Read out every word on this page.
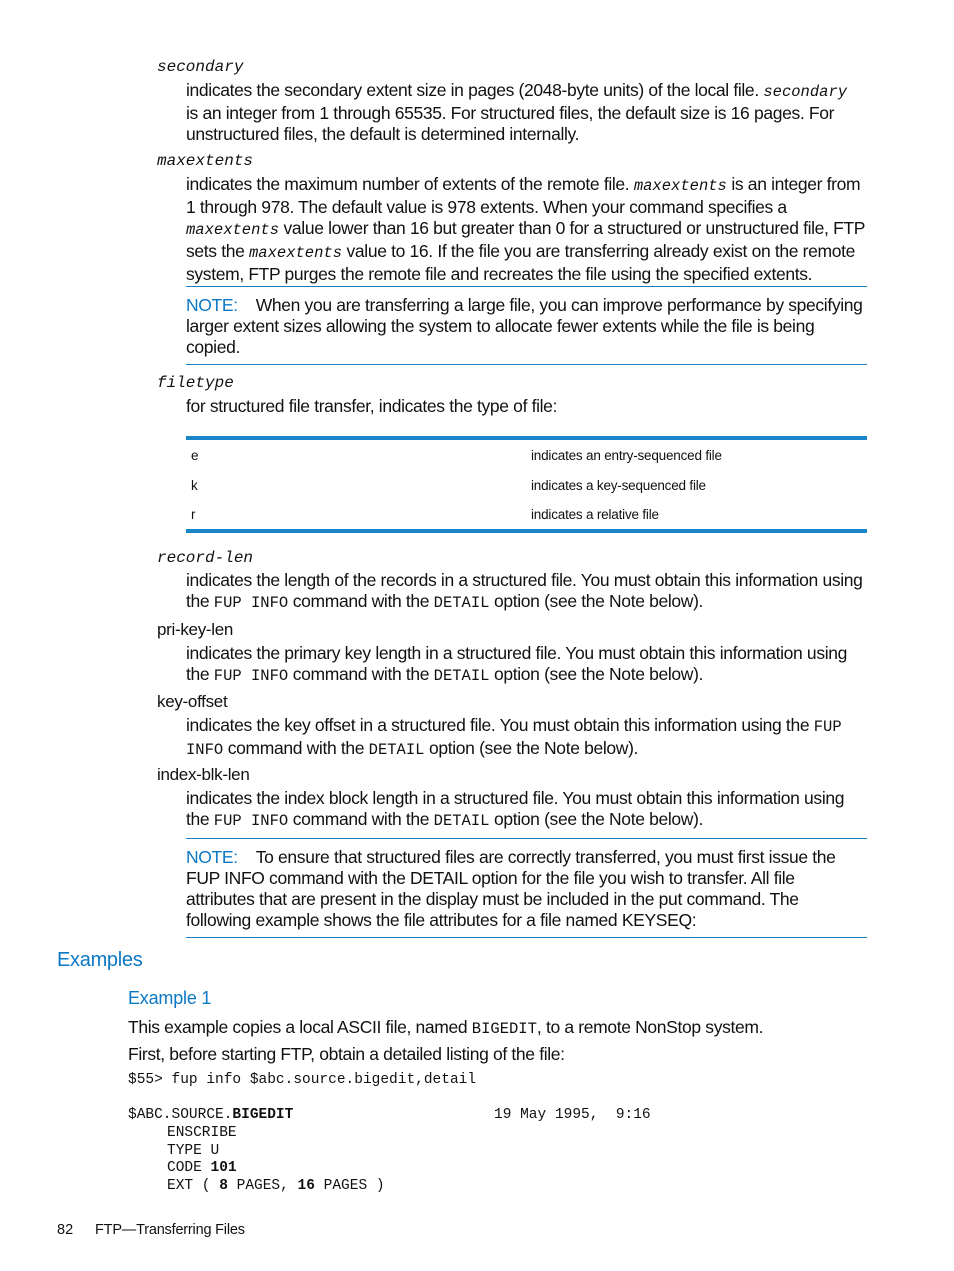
secondary
indicates the secondary extent size in pages (2048-byte units) of the local file. secondary
is an integer from 1 through 65535. For structured files, the default size is 16 pages. For unstructured files, the default is determined internally.
maxextents
indicates the maximum number of extents of the remote file. maxextents is an integer from 1 through 978. The default value is 978 extents. When your command specifies a maxextents value lower than 16 but greater than 0 for a structured or unstructured file, FTP sets the maxextents value to 16. If the file you are transferring already exist on the remote system, FTP purges the remote file and recreates the file using the specified extents.
NOTE: When you are transferring a large file, you can improve performance by specifying larger extent sizes allowing the system to allocate fewer extents while the file is being copied.
filetype
for structured file transfer, indicates the type of file:
e	indicates an entry-sequenced file
k	indicates a key-sequenced file
r	indicates a relative file
record-len
indicates the length of the records in a structured file. You must obtain this information using the FUP INFO command with the DETAIL option (see the Note below).
pri-key-len
indicates the primary key length in a structured file. You must obtain this information using the FUP INFO command with the DETAIL option (see the Note below).
key-offset
indicates the key offset in a structured file. You must obtain this information using the FUP INFO command with the DETAIL option (see the Note below).
index-blk-len
indicates the index block length in a structured file. You must obtain this information using the FUP INFO command with the DETAIL option (see the Note below).
NOTE: To ensure that structured files are correctly transferred, you must first issue the FUP INFO command with the DETAIL option for the file you wish to transfer. All file attributes that are present in the display must be included in the put command. The following example shows the file attributes for a file named KEYSEQ:
Examples
Example 1
This example copies a local ASCII file, named BIGEDIT, to a remote NonStop system.
First, before starting FTP, obtain a detailed listing of the file:
$55> fup info $abc.source.bigedit,detail
$ABC.SOURCE.BIGEDIT	19 May 1995,  9:16
ENSCRIBE
TYPE U
CODE 101
EXT ( 8 PAGES, 16 PAGES )
82 FTP—Transferring Files
